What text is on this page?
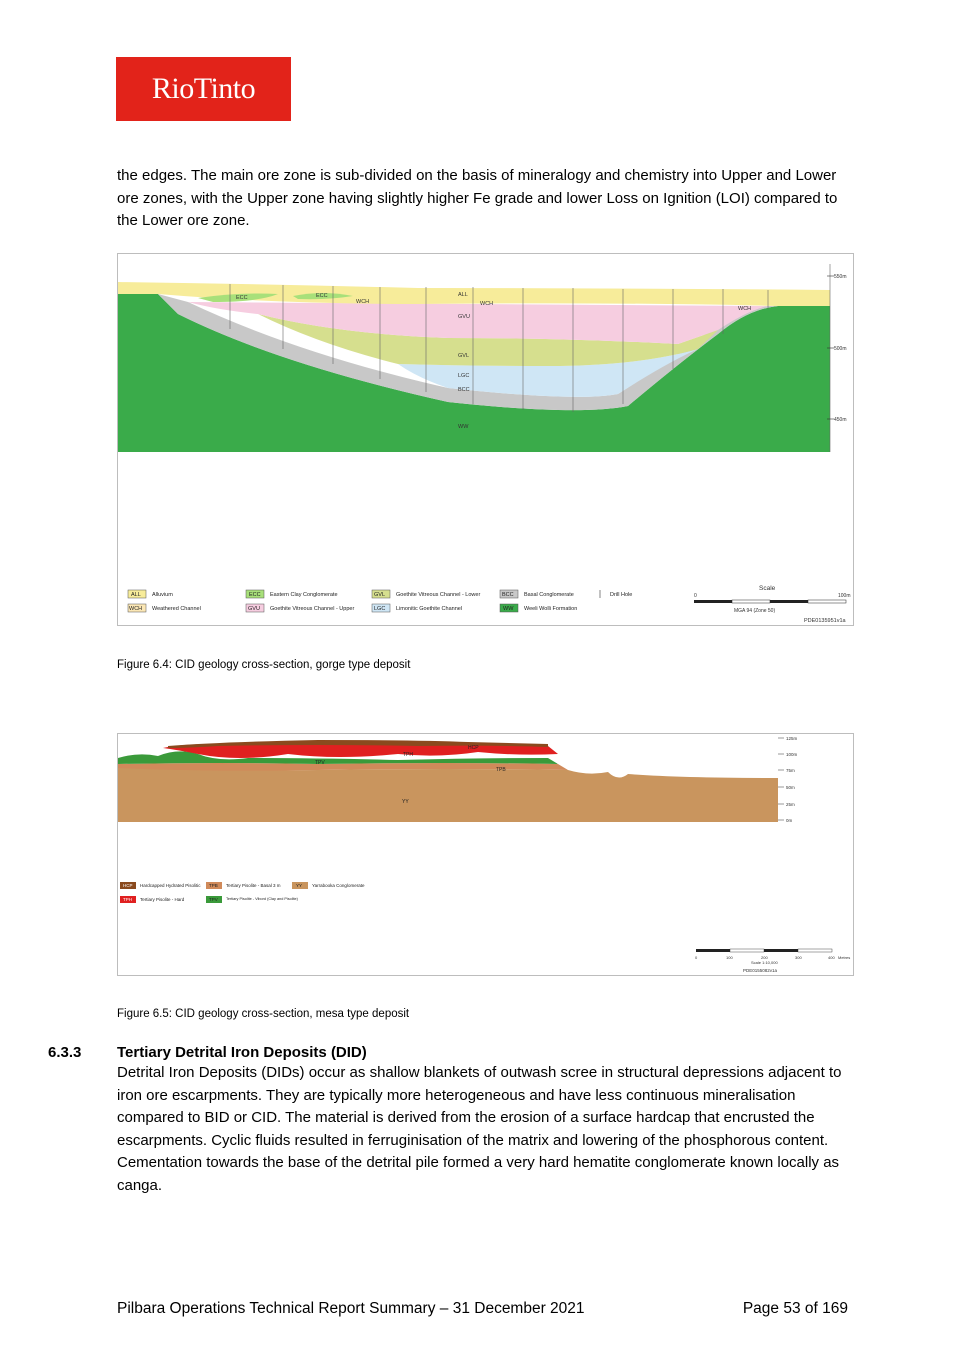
RioTinto

the edges. The main ore zone is sub-divided on the basis of mineralogy and chemistry into Upper and Lower ore zones, with the Upper zone having slightly higher Fe grade and lower Loss on Ignition (LOI) compared to the Lower ore zone.

ECC	ECC
WCH
ALL
WCH
WCH
GVU
GVL
LGC
BCC
WW
550m
500m
450m
ALL Alluvium
WCH Weathered Channel
ECC Eastern Clay Conglomerate
GVU Goethite Vitreous Channel - Upper
GVL Goethite Vitreous Channel - Lower
LGC Limonitic Goethite Channel
BCC Basal Conglomerate
WW Weeli Wolli Formation
Drill Hole
Scale
0	100m
MGA 94 (Zone 50)
PDE0135951v1a

Figure 6.4: CID geology cross-section, gorge type deposit

TPH
HCP
TPV
TPB
YY
125m
100m
75m
50m
25m
0m
HCP Hardcapped Hydrated Pisolitic
TPH Tertiary Pisolite - Hard
TPB Tertiary Pisolite - Basal 3 m
TPV Tertiary Pisolite - Vibord (Clay and Pisolite)
YY Yarrabooka Conglomerate
0	100	200	300	400 Metres
Scale 1:10,000
PDE0155082v1a

Figure 6.5: CID geology cross-section, mesa type deposit

6.3.3 Tertiary Detrital Iron Deposits (DID)

Detrital Iron Deposits (DIDs) occur as shallow blankets of outwash scree in structural depressions adjacent to iron ore escarpments. They are typically more heterogeneous and have less continuous mineralisation compared to BID or CID. The material is derived from the erosion of a surface hardcap that encrusted the escarpments. Cyclic fluids resulted in ferruginisation of the matrix and lowering of the phosphorous content. Cementation towards the base of the detrital pile formed a very hard hematite conglomerate known locally as canga.

Pilbara Operations Technical Report Summary – 31 December 2021	Page 53 of 169
